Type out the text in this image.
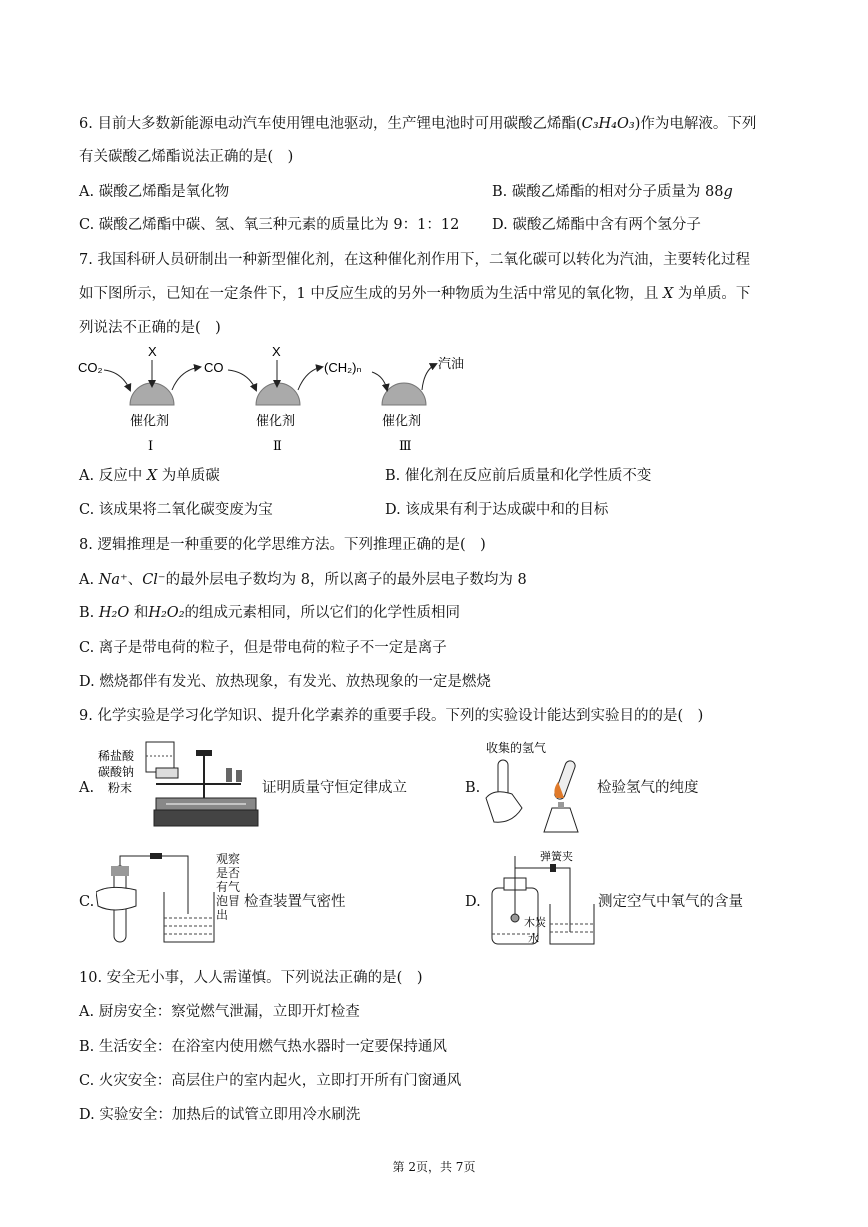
6. 目前大多数新能源电动汽车使用锂电池驱动，生产锂电池时可用碳酸乙烯酯(C₃H₄O₃)作为电解液。下列
有关碳酸乙烯酯说法正确的是(　)
A. 碳酸乙烯酯是氧化物	B. 碳酸乙烯酯的相对分子质量为 88g
C. 碳酸乙烯酯中碳、氢、氧三种元素的质量比为 9：1：12 D. 碳酸乙烯酯中含有两个氢分子
7. 我国科研人员研制出一种新型催化剂，在这种催化剂作用下，二氧化碳可以转化为汽油，主要转化过程
如下图所示，已知在一定条件下，1 中反应生成的另外一种物质为生活中常见的氧化物，且 X 为单质。下
列说法不正确的是(　)
CO₂
X
CO
X
(CH₂)ₙ	汽油
催化剂	催化剂	催化剂
Ⅰ	Ⅱ	Ⅲ
A. 反应中 X 为单质碳	B. 催化剂在反应前后质量和化学性质不变
C. 该成果将二氧化碳变废为宝	D. 该成果有利于达成碳中和的目标
8. 逻辑推理是一种重要的化学思维方法。下列推理正确的是(　)
A. Na⁺、Cl⁻的最外层电子数均为 8，所以离子的最外层电子数均为 8
B. H₂O 和H₂O₂的组成元素相同，所以它们的化学性质相同
C. 离子是带电荷的粒子，但是带电荷的粒子不一定是离子
D. 燃烧都伴有发光、放热现象，有发光、放热现象的一定是燃烧
9. 化学实验是学习化学知识、提升化学素养的重要手段。下列的实验设计能达到实验目的的是(　)
A.
稀盐酸
碳酸钠
粉末	证明质量守恒定律成立	B.
收集的氢气
检验氢气的纯度
C.
观察是否有气泡冒出
检查装置气密性	D.
弹簧夹
木炭
水
测定空气中氧气的含量
10. 安全无小事，人人需谨慎。下列说法正确的是(　)
A. 厨房安全：察觉燃气泄漏，立即开灯检查
B. 生活安全：在浴室内使用燃气热水器时一定要保持通风
C. 火灾安全：高层住户的室内起火，立即打开所有门窗通风
D. 实验安全：加热后的试管立即用冷水刷洗
第 2页，共 7页
